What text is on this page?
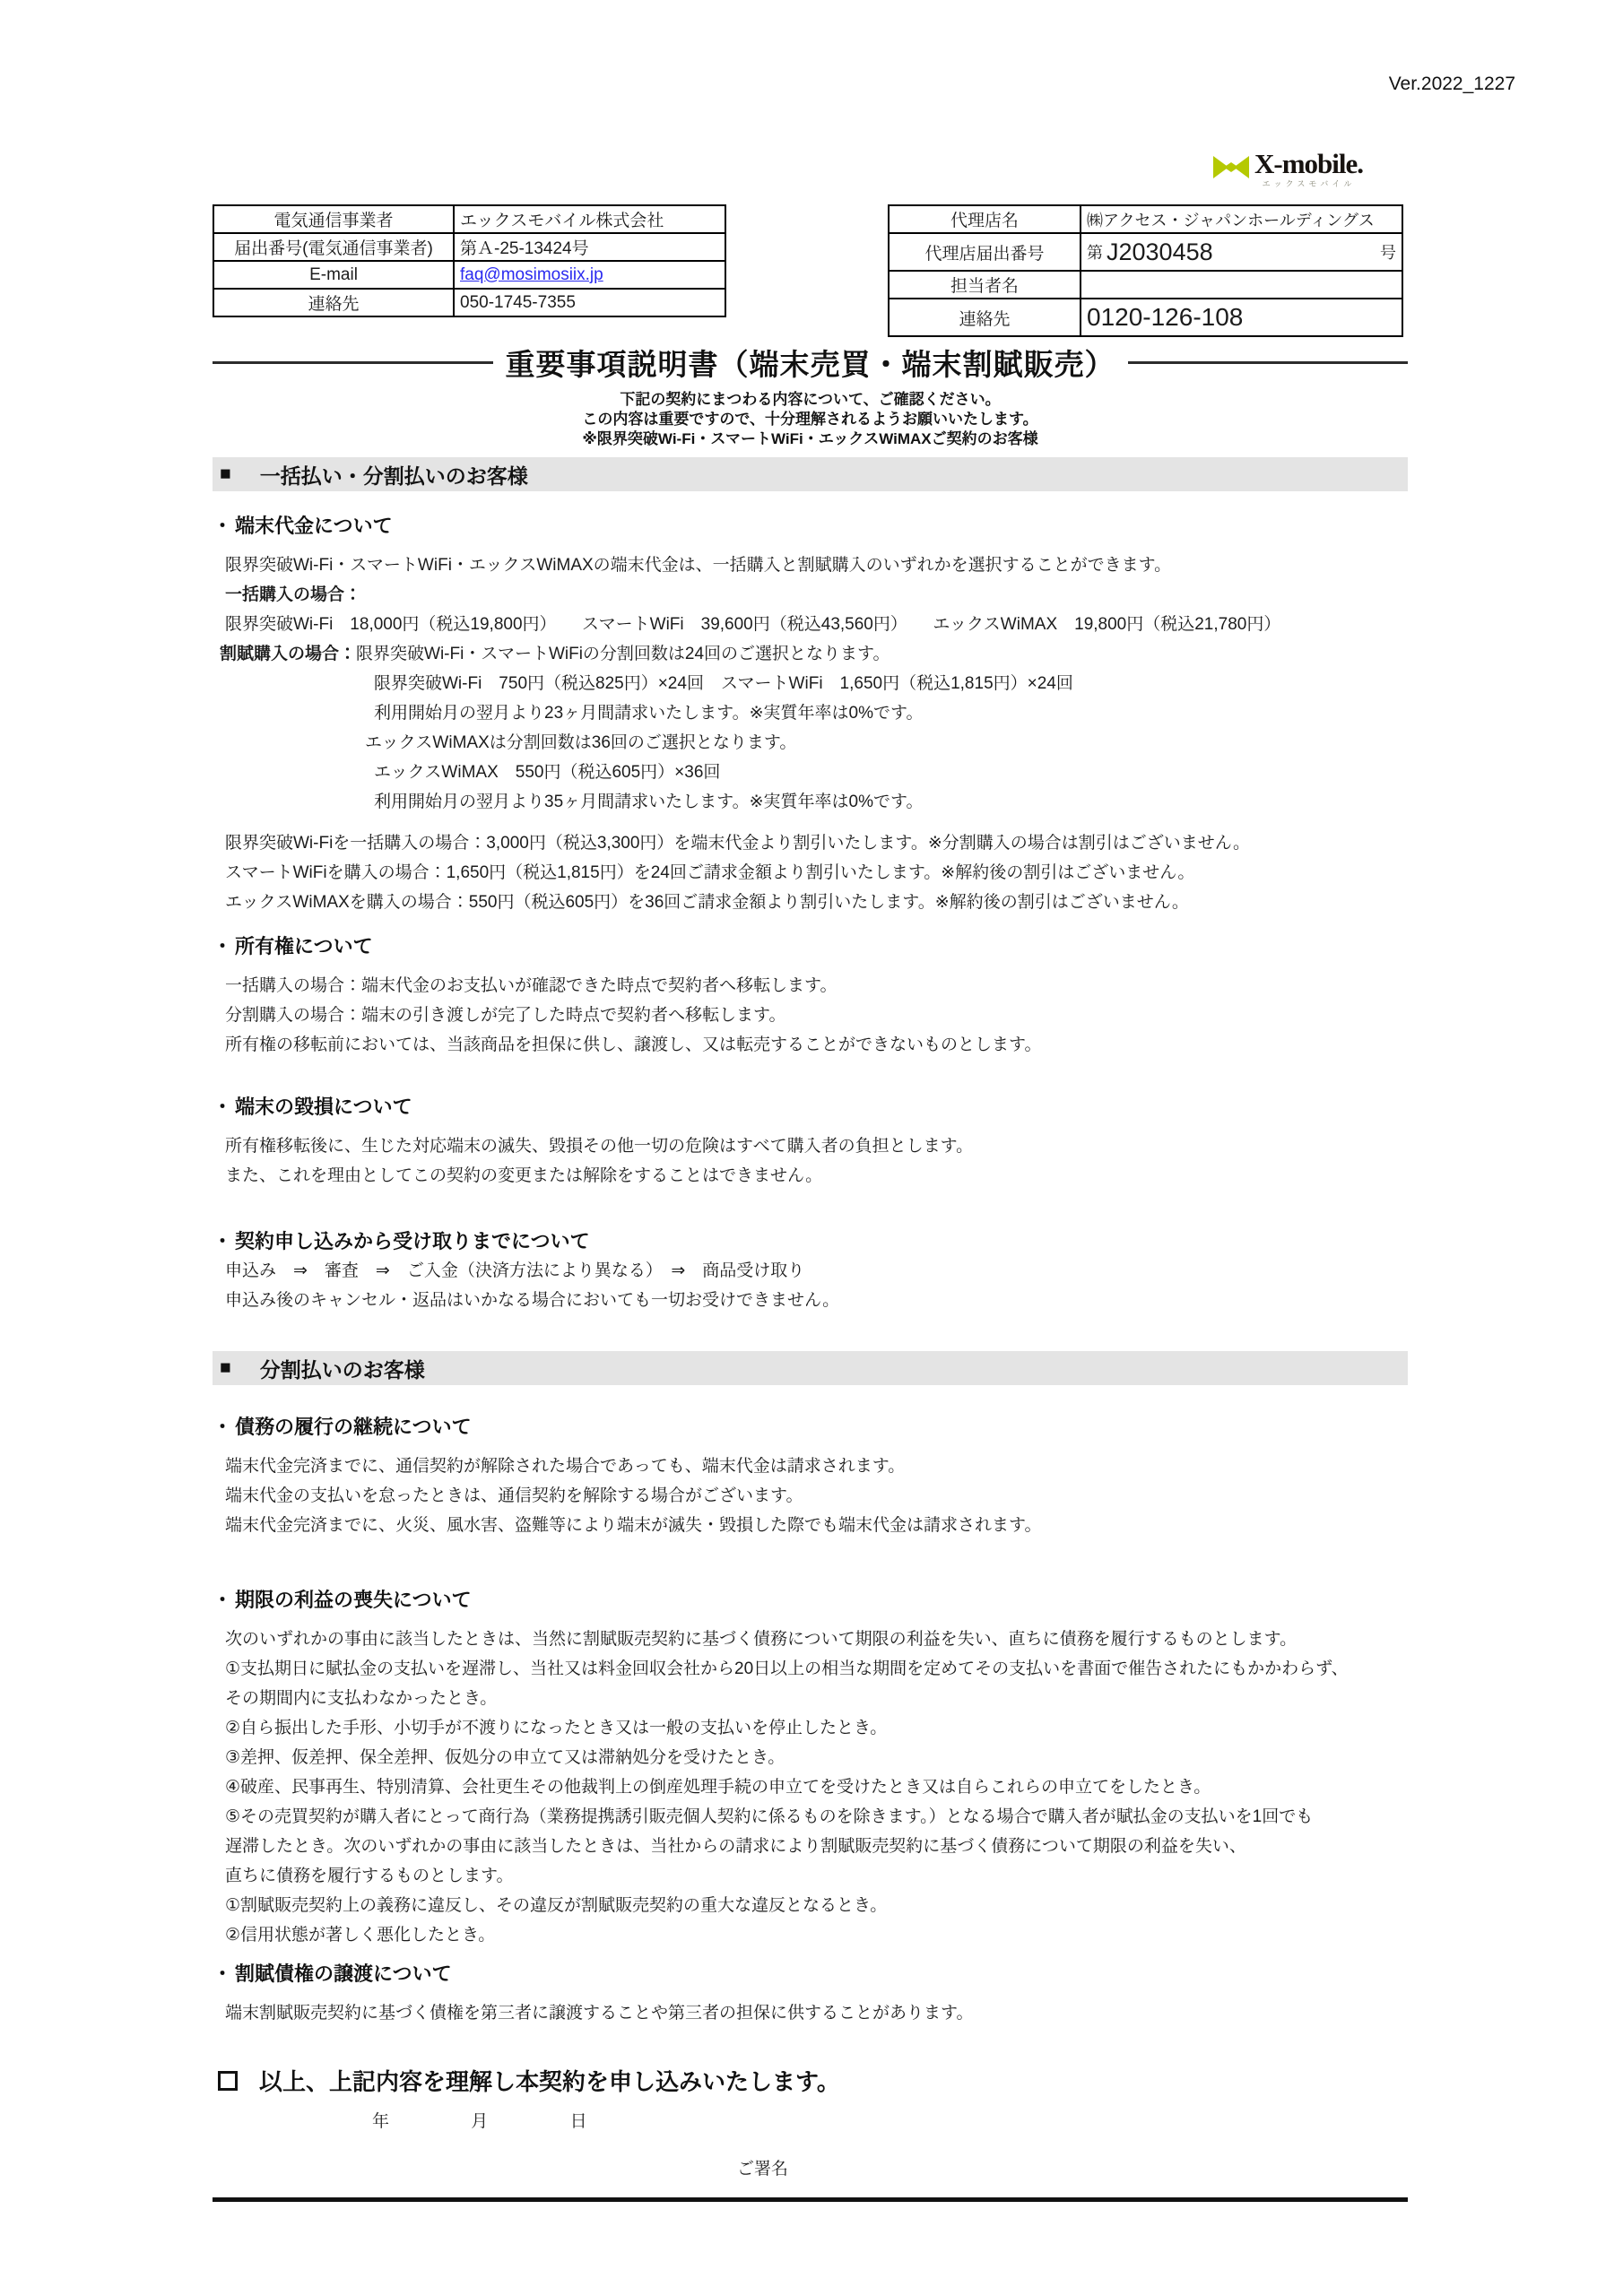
Ver.2022_1227
X-mobile.
エックスモバイル
電気通信事業者	エックスモバイル株式会社
届出番号(電気通信事業者)	第Ａ-25-13424号
E-mail	faq@mosimosiix.jp
連絡先	050-1745-7355
代理店名	㈱アクセス・ジャパンホールディングス
代理店届出番号	第 J2030458 号

担当者名	
連絡先	0120-126-108
重要事項説明書（端末売買・端末割賦販売）
下記の契約にまつわる内容について、ご確認ください。
この内容は重要ですので、十分理解されるようお願いいたします。
※限界突破Wi-Fi・スマートWiFi・エックスWiMAXご契約のお客様
■ 一括払い・分割払いのお客様
・ 端末代金について
限界突破Wi-Fi・スマートWiFi・エックスWiMAXの端末代金は、一括購入と割賦購入のいずれかを選択することができます。
一括購入の場合：
限界突破Wi-Fi　18,000円（税込19,800円）　　スマートWiFi　39,600円（税込43,560円）　　エックスWiMAX　19,800円（税込21,780円）
割賦購入の場合：限界突破Wi-Fi・スマートWiFiの分割回数は24回のご選択となります。
限界突破Wi-Fi　750円（税込825円）×24回　スマートWiFi　1,650円（税込1,815円）×24回
利用開始月の翌月より23ヶ月間請求いたします。※実質年率は0%です。
エックスWiMAXは分割回数は36回のご選択となります。
エックスWiMAX　550円（税込605円）×36回
利用開始月の翌月より35ヶ月間請求いたします。※実質年率は0%です。
限界突破Wi-Fiを一括購入の場合：3,000円（税込3,300円）を端末代金より割引いたします。※分割購入の場合は割引はございません。
スマートWiFiを購入の場合：1,650円（税込1,815円）を24回ご請求金額より割引いたします。※解約後の割引はございません。
エックスWiMAXを購入の場合：550円（税込605円）を36回ご請求金額より割引いたします。※解約後の割引はございません。
・ 所有権について
一括購入の場合：端末代金のお支払いが確認できた時点で契約者へ移転します。
分割購入の場合：端末の引き渡しが完了した時点で契約者へ移転します。
所有権の移転前においては、当該商品を担保に供し、譲渡し、又は転売することができないものとします。
・ 端末の毀損について
所有権移転後に、生じた対応端末の滅失、毀損その他一切の危険はすべて購入者の負担とします。
また、これを理由としてこの契約の変更または解除をすることはできません。
・ 契約申し込みから受け取りまでについて
申込み　⇒　審査　⇒　ご入金（決済方法により異なる）　⇒　商品受け取り
申込み後のキャンセル・返品はいかなる場合においても一切お受けできません。
■ 分割払いのお客様
・ 債務の履行の継続について
端末代金完済までに、通信契約が解除された場合であっても、端末代金は請求されます。
端末代金の支払いを怠ったときは、通信契約を解除する場合がございます。
端末代金完済までに、火災、風水害、盗難等により端末が滅失・毀損した際でも端末代金は請求されます。
・ 期限の利益の喪失について
次のいずれかの事由に該当したときは、当然に割賦販売契約に基づく債務について期限の利益を失い、直ちに債務を履行するものとします。
①支払期日に賦払金の支払いを遅滞し、当社又は料金回収会社から20日以上の相当な期間を定めてその支払いを書面で催告されたにもかかわらず、
その期間内に支払わなかったとき。
②自ら振出した手形、小切手が不渡りになったとき又は一般の支払いを停止したとき。
③差押、仮差押、保全差押、仮処分の申立て又は滞納処分を受けたとき。
④破産、民事再生、特別清算、会社更生その他裁判上の倒産処理手続の申立てを受けたとき又は自らこれらの申立てをしたとき。
⑤その売買契約が購入者にとって商行為（業務提携誘引販売個人契約に係るものを除きます。）となる場合で購入者が賦払金の支払いを1回でも
遅滞したとき。次のいずれかの事由に該当したときは、当社からの請求により割賦販売契約に基づく債務について期限の利益を失い、
直ちに債務を履行するものとします。
①割賦販売契約上の義務に違反し、その違反が割賦販売契約の重大な違反となるとき。
②信用状態が著しく悪化したとき。
・ 割賦債権の譲渡について
端末割賦販売契約に基づく債権を第三者に譲渡することや第三者の担保に供することがあります。
以上、上記内容を理解し本契約を申し込みいたします。
年	月	日
ご署名
